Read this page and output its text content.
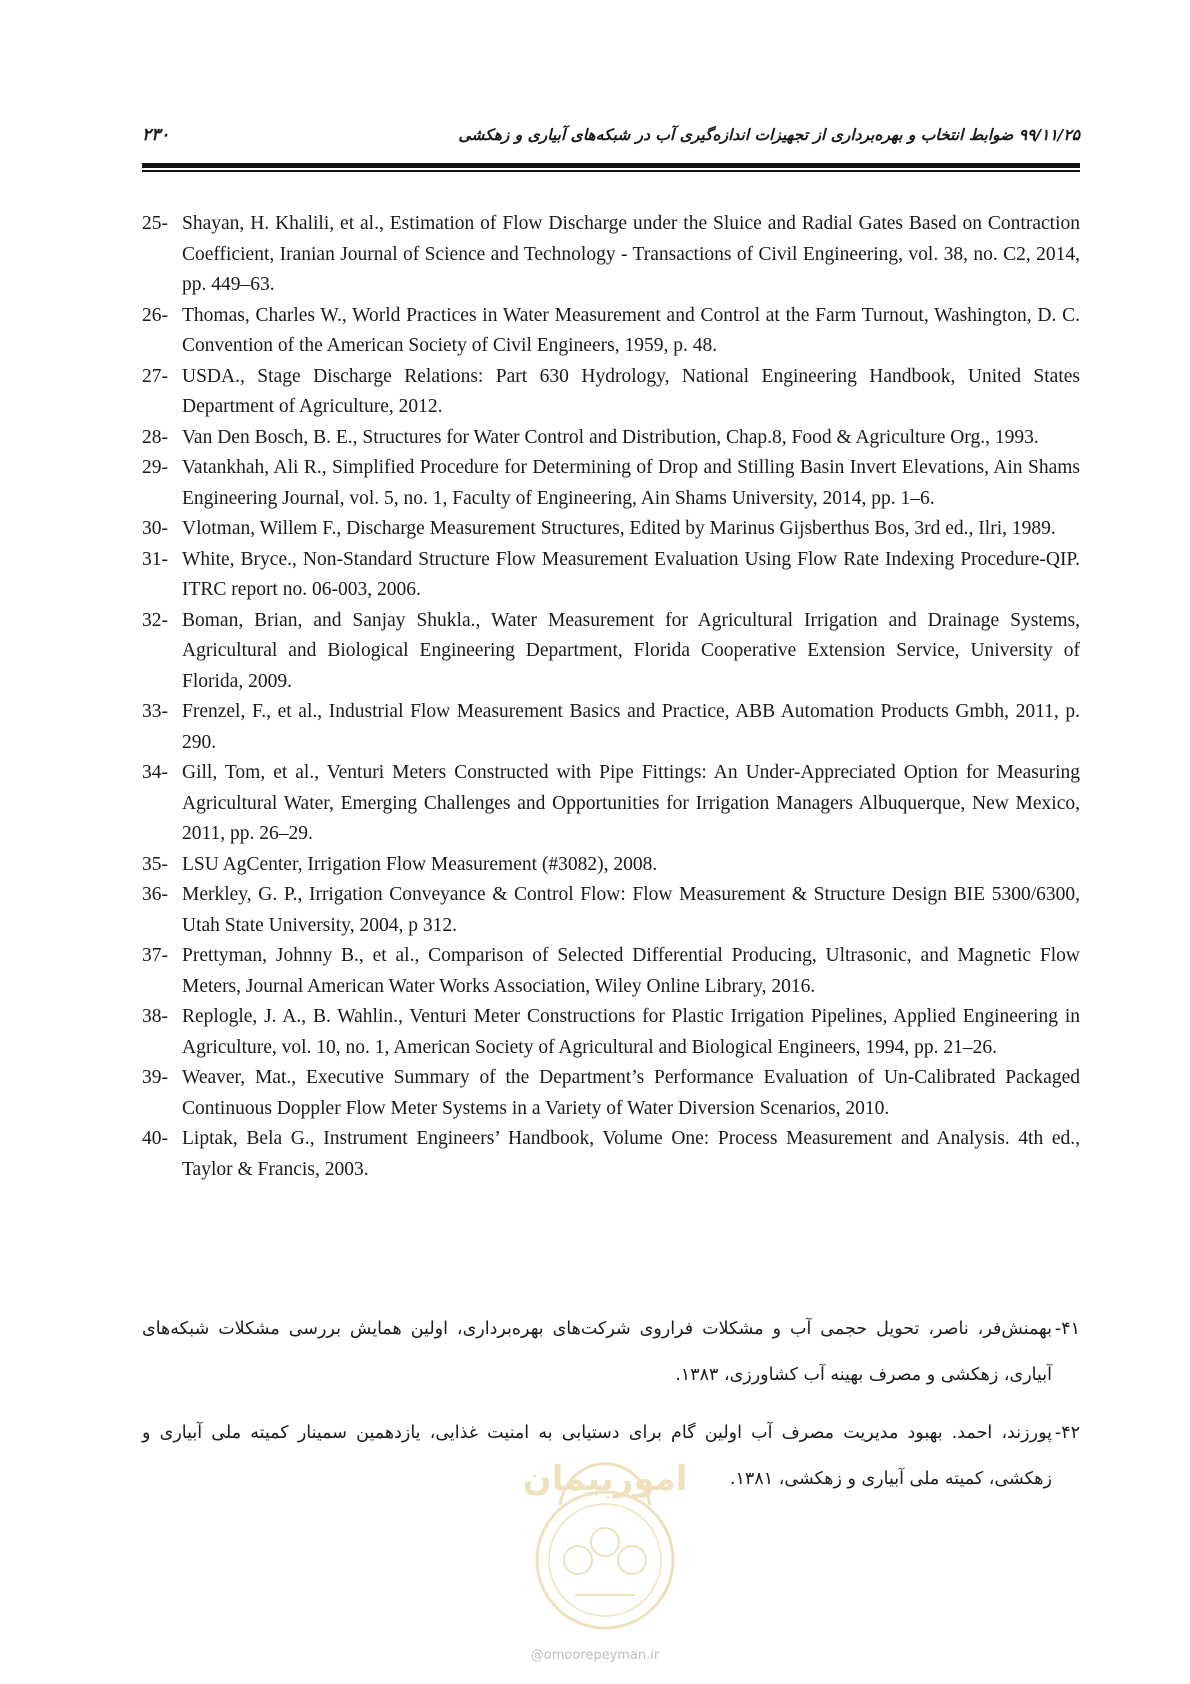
۲۳۰	۹۹/۱۱/۲۵ ضوابط انتخاب و بهره‌برداری از تجهیزات اندازه‌گیری آب در شبکه‌های آبیاری و زهکشی
25- Shayan, H. Khalili, et al., Estimation of Flow Discharge under the Sluice and Radial Gates Based on Contraction Coefficient, Iranian Journal of Science and Technology - Transactions of Civil Engineering, vol. 38, no. C2, 2014, pp. 449–63.
26- Thomas, Charles W., World Practices in Water Measurement and Control at the Farm Turnout, Washington, D. C. Convention of the American Society of Civil Engineers, 1959, p. 48.
27- USDA., Stage Discharge Relations: Part 630 Hydrology, National Engineering Handbook, United States Department of Agriculture, 2012.
28- Van Den Bosch, B. E., Structures for Water Control and Distribution, Chap.8, Food & Agriculture Org., 1993.
29- Vatankhah, Ali R., Simplified Procedure for Determining of Drop and Stilling Basin Invert Elevations, Ain Shams Engineering Journal, vol. 5, no. 1, Faculty of Engineering, Ain Shams University, 2014, pp. 1–6.
30- Vlotman, Willem F., Discharge Measurement Structures, Edited by Marinus Gijsberthus Bos, 3rd ed., Ilri, 1989.
31- White, Bryce., Non-Standard Structure Flow Measurement Evaluation Using Flow Rate Indexing Procedure-QIP. ITRC report no. 06-003, 2006.
32- Boman, Brian, and Sanjay Shukla., Water Measurement for Agricultural Irrigation and Drainage Systems, Agricultural and Biological Engineering Department, Florida Cooperative Extension Service, University of Florida, 2009.
33- Frenzel, F., et al., Industrial Flow Measurement Basics and Practice, ABB Automation Products Gmbh, 2011, p. 290.
34- Gill, Tom, et al., Venturi Meters Constructed with Pipe Fittings: An Under-Appreciated Option for Measuring Agricultural Water, Emerging Challenges and Opportunities for Irrigation Managers Albuquerque, New Mexico, 2011, pp. 26–29.
35- LSU AgCenter, Irrigation Flow Measurement (#3082), 2008.
36- Merkley, G. P., Irrigation Conveyance & Control Flow: Flow Measurement & Structure Design BIE 5300/6300, Utah State University, 2004, p 312.
37- Prettyman, Johnny B., et al., Comparison of Selected Differential Producing, Ultrasonic, and Magnetic Flow Meters, Journal American Water Works Association, Wiley Online Library, 2016.
38- Replogle, J. A., B. Wahlin., Venturi Meter Constructions for Plastic Irrigation Pipelines, Applied Engineering in Agriculture, vol. 10, no. 1, American Society of Agricultural and Biological Engineers, 1994, pp. 21–26.
39- Weaver, Mat., Executive Summary of the Department’s Performance Evaluation of Un-Calibrated Packaged Continuous Doppler Flow Meter Systems in a Variety of Water Diversion Scenarios, 2010.
40- Liptak, Bela G., Instrument Engineers’ Handbook, Volume One: Process Measurement and Analysis. 4th ed., Taylor & Francis, 2003.
۴۱-
بهمنش‌فر، ناصر، تحویل حجمی آب و مشکلات فراروی شرکت‌های بهره‌برداری، اولین همایش بررسی مشکلات شبکه‌های آبیاری، زهکشی و مصرف بهینه آب کشاورزی، ۱۳۸۳.
۴۲-
پورزند، احمد. بهبود مدیریت مصرف آب اولین گام برای دستیابی به امنیت غذایی، یازدهمین سمینار کمیته ملی آبیاری و زهکشی، کمیته ملی آبیاری و زهکشی، ۱۳۸۱.
امورپیمان
@omoorepeyman.ir
